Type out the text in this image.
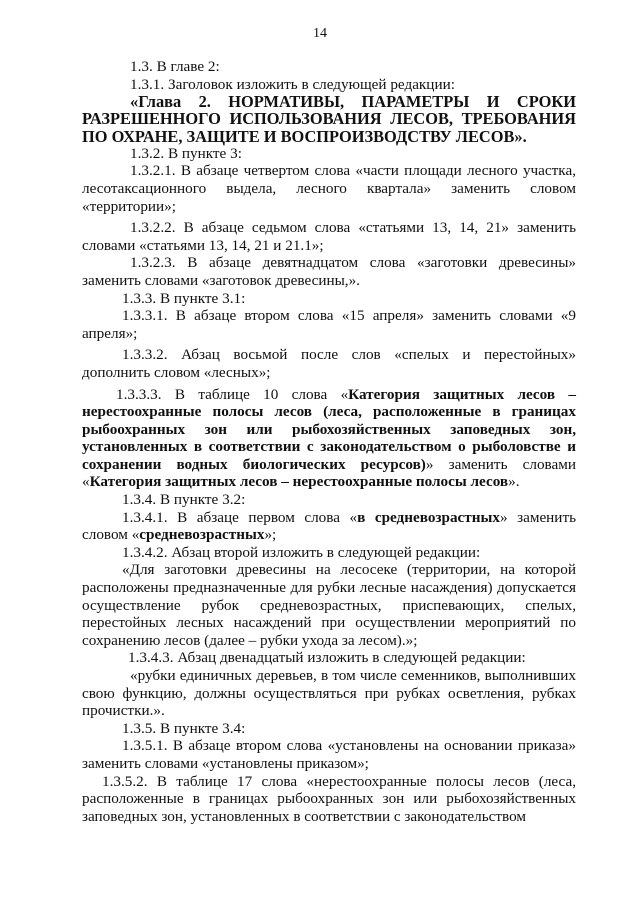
14

1.3. В главе 2:

1.3.1. Заголовок изложить в следующей редакции:

«Глава 2. НОРМАТИВЫ, ПАРАМЕТРЫ И СРОКИ РАЗРЕШЕННОГО ИСПОЛЬЗОВАНИЯ ЛЕСОВ, ТРЕБОВАНИЯ ПО ОХРАНЕ, ЗАЩИТЕ И ВОСПРОИЗВОДСТВУ ЛЕСОВ».

1.3.2. В пункте 3:

1.3.2.1. В абзаце четвертом слова «части площади лесного участка, лесотаксационного выдела, лесного квартала» заменить словом «территории»;

1.3.2.2. В абзаце седьмом слова «статьями 13, 14, 21» заменить словами «статьями 13, 14, 21 и 21.1»;

1.3.2.3. В абзаце девятнадцатом слова «заготовки древесины» заменить словами «заготовок древесины,».

1.3.3. В пункте 3.1:

1.3.3.1. В абзаце втором слова «15 апреля» заменить словами «9 апреля»;

1.3.3.2. Абзац восьмой после слов «спелых и перестойных» дополнить словом «лесных»;

1.3.3.3. В таблице 10 слова «Категория защитных лесов – нерестоохранные полосы лесов (леса, расположенные в границах рыбоохранных зон или рыбохозяйственных заповедных зон, установленных в соответствии с законодательством о рыболовстве и сохранении водных биологических ресурсов)» заменить словами «Категория защитных лесов – нерестоохранные полосы лесов».

1.3.4. В пункте 3.2:

1.3.4.1. В абзаце первом слова «в средневозрастных» заменить словом «средневозрастных»;

1.3.4.2. Абзац второй изложить в следующей редакции:

«Для заготовки древесины на лесосеке (территории, на которой расположены предназначенные для рубки лесные насаждения) допускается осуществление рубок средневозрастных, приспевающих, спелых, перестойных лесных насаждений при осуществлении мероприятий по сохранению лесов (далее – рубки ухода за лесом).»;

1.3.4.3. Абзац двенадцатый изложить в следующей редакции:

«рубки единичных деревьев, в том числе семенников, выполнивших свою функцию, должны осуществляться при рубках осветления, рубках прочистки.».

1.3.5. В пункте 3.4:

1.3.5.1. В абзаце втором слова «установлены на основании приказа» заменить словами «установлены приказом»;

1.3.5.2. В таблице 17 слова «нерестоохранные полосы лесов (леса, расположенные в границах рыбоохранных зон или рыбохозяйственных заповедных зон, установленных в соответствии с законодательством
